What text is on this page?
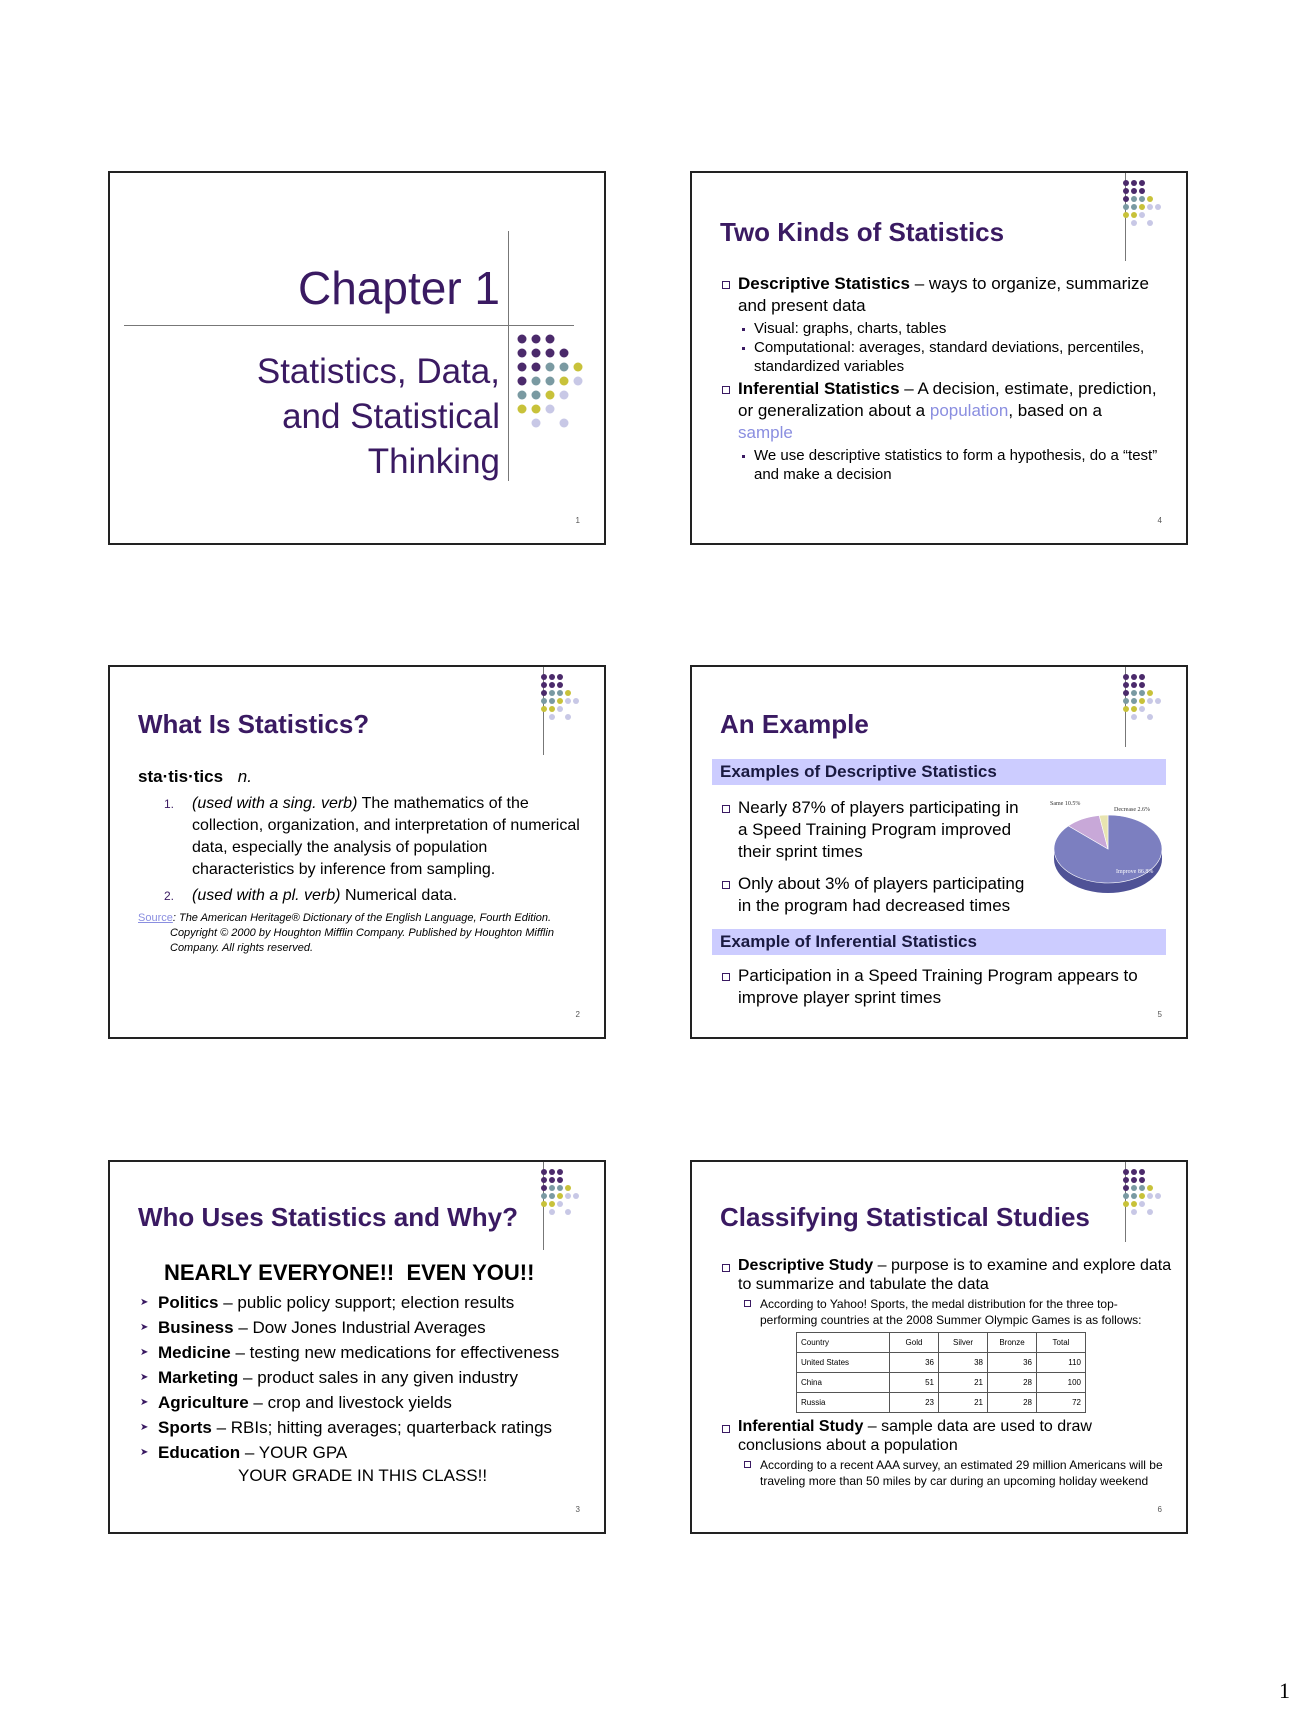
Chapter 1
Statistics, Data,
and Statistical
Thinking
1
Two Kinds of Statistics
Descriptive Statistics – ways to organize, summarize and present data
Visual: graphs, charts, tables
Computational: averages, standard deviations, percentiles, standardized variables
Inferential Statistics – A decision, estimate, prediction, or generalization about a population, based on a sample
We use descriptive statistics to form a hypothesis, do a “test” and make a decision
4
What Is Statistics?
sta·tis·tics n.
1. (used with a sing. verb) The mathematics of the collection, organization, and interpretation of numerical data, especially the analysis of population characteristics by inference from sampling.
2. (used with a pl. verb) Numerical data.
Source: The American Heritage® Dictionary of the English Language, Fourth Edition. Copyright © 2000 by Houghton Mifflin Company. Published by Houghton Mifflin Company. All rights reserved.
2
An Example
Examples of Descriptive Statistics
Nearly 87% of players participating in a Speed Training Program improved their sprint times
Only about 3% of players participating in the program had decreased times
Same 10.5%
Decrease 2.6%
Improve 86.8%
Example of Inferential Statistics
Participation in a Speed Training Program appears to improve player sprint times
5
Who Uses Statistics and Why?
NEARLY EVERYONE!!  EVEN YOU!!
➤ Politics – public policy support; election results
➤ Business – Dow Jones Industrial Averages
➤ Medicine – testing new medications for effectiveness
➤ Marketing – product sales in any given industry
➤ Agriculture – crop and livestock yields
➤ Sports – RBIs; hitting averages; quarterback ratings
➤ Education – YOUR GPA
YOUR GRADE IN THIS CLASS!!
3
Classifying Statistical Studies
Descriptive Study – purpose is to examine and explore data to summarize and tabulate the data
According to Yahoo! Sports, the medal distribution for the three top-performing countries at the 2008 Summer Olympic Games is as follows:
Country	Gold	Silver	Bronze	Total
United States	36	38	36	110
China	51	21	28	100
Russia	23	21	28	72
Inferential Study – sample data are used to draw conclusions about a population
According to a recent AAA survey, an estimated 29 million Americans will be traveling more than 50 miles by car during an upcoming holiday weekend
6
1
